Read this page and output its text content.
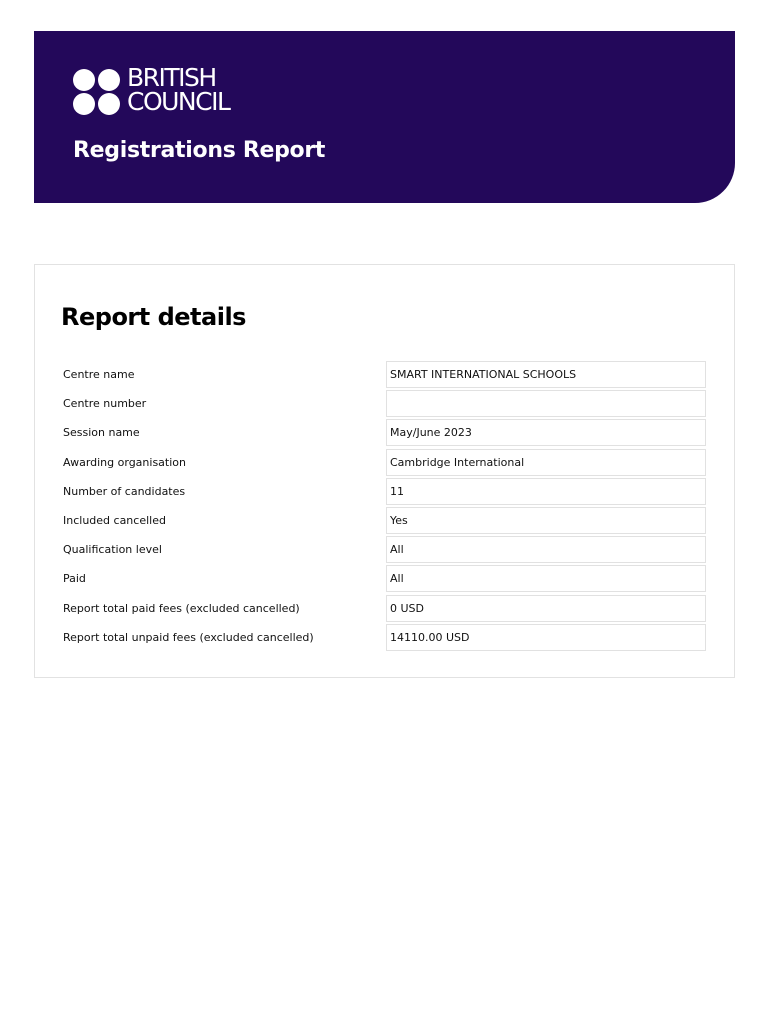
BRITISH
COUNCIL
Registrations Report
Report details
Centre name	SMART INTERNATIONAL SCHOOLS
Centre number
Session name	May/June 2023
Awarding organisation	Cambridge International
Number of candidates	11
Included cancelled	Yes
Qualification level	All
Paid	All
Report total paid fees (excluded cancelled)	0 USD
Report total unpaid fees (excluded cancelled)	14110.00 USD
